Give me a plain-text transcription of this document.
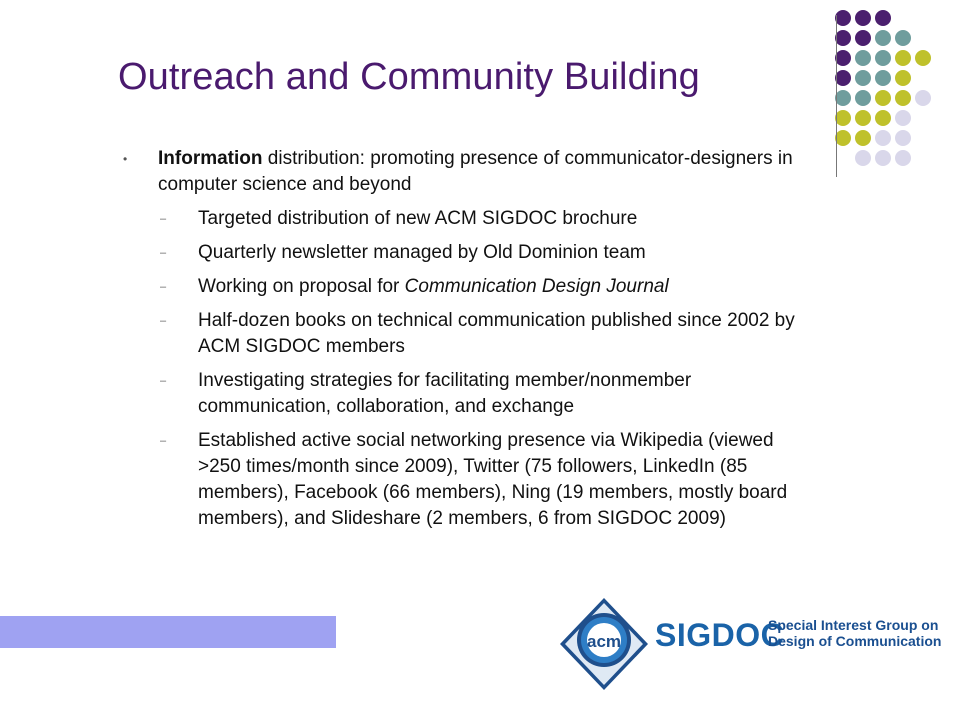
Outreach and Community Building
• Information distribution: promoting presence of communicator-designers in computer science and beyond
– Targeted distribution of new ACM SIGDOC brochure
– Quarterly newsletter managed by Old Dominion team
– Working on proposal for Communication Design Journal
– Half-dozen books on technical communication published since 2002 by ACM SIGDOC members
– Investigating strategies for facilitating member/nonmember communication, collaboration, and exchange
– Established active social networking presence via Wikipedia (viewed >250 times/month since 2009), Twitter (75 followers, LinkedIn (85 members), Facebook (66 members), Ning (19 members, mostly board members), and Slideshare (2 members, 6 from SIGDOC 2009)
acm SIGDOC
Special Interest Group on
Design of Communication
